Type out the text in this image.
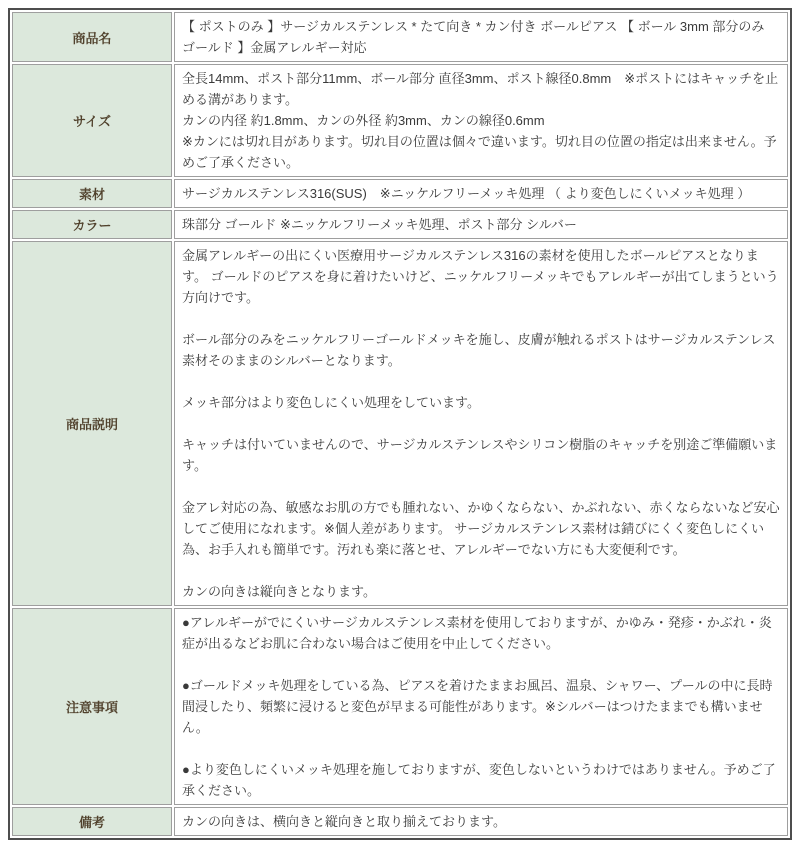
商品名	【 ポストのみ 】サージカルステンレス * たて向き * カン付き ボールピアス 【 ボール 3mm 部分のみ ゴールド 】金属アレルギー対応

サイズ	全長14mm、ポスト部分11mm、ボール部分 直径3mm、ポスト線径0.8mm　※ポストにはキャッチを止める溝があります。

カンの内径 約1.8mm、カンの外径 約3mm、カンの線径0.6mm

※カンには切れ目があります。切れ目の位置は個々で違います。切れ目の位置の指定は出来ません。予めご了承ください。

素材	サージカルステンレス316(SUS)　※ニッケルフリーメッキ処理 （ より変色しにくいメッキ処理 ）

カラー	珠部分 ゴールド ※ニッケルフリーメッキ処理、ポスト部分 シルバー

商品説明	

金属アレルギーの出にくい医療用サージカルステンレス316の素材を使用したボールピアスとなります。 ゴールドのピアスを身に着けたいけど、ニッケルフリーメッキでもアレルギーが出てしまうという方向けです。

ボール部分のみをニッケルフリーゴールドメッキを施し、皮膚が触れるポストはサージカルステンレス素材そのままのシルバーとなります。

メッキ部分はより変色しにくい処理をしています。

キャッチは付いていませんので、サージカルステンレスやシリコン樹脂のキャッチを別途ご準備願います。

金アレ対応の為、敏感なお肌の方でも腫れない、かゆくならない、かぶれない、赤くならないなど安心してご使用になれます。※個人差があります。 サージカルステンレス素材は錆びにくく変色しにくい為、お手入れも簡単です。汚れも楽に落とせ、アレルギーでない方にも大変便利です。

カンの向きは縦向きとなります。

注意事項	●アレルギーがでにくいサージカルステンレス素材を使用しておりますが、かゆみ・発疹・かぶれ・炎症が出るなどお肌に合わない場合はご使用を中止してください。

●ゴールドメッキ処理をしている為、ピアスを着けたままお風呂、温泉、シャワー、プールの中に長時間浸したり、頻繁に浸けると変色が早まる可能性があります。※シルバーはつけたままでも構いません。

●より変色しにくいメッキ処理を施しておりますが、変色しないというわけではありません。予めご了承ください。

備考	カンの向きは、横向きと縦向きと取り揃えております。
